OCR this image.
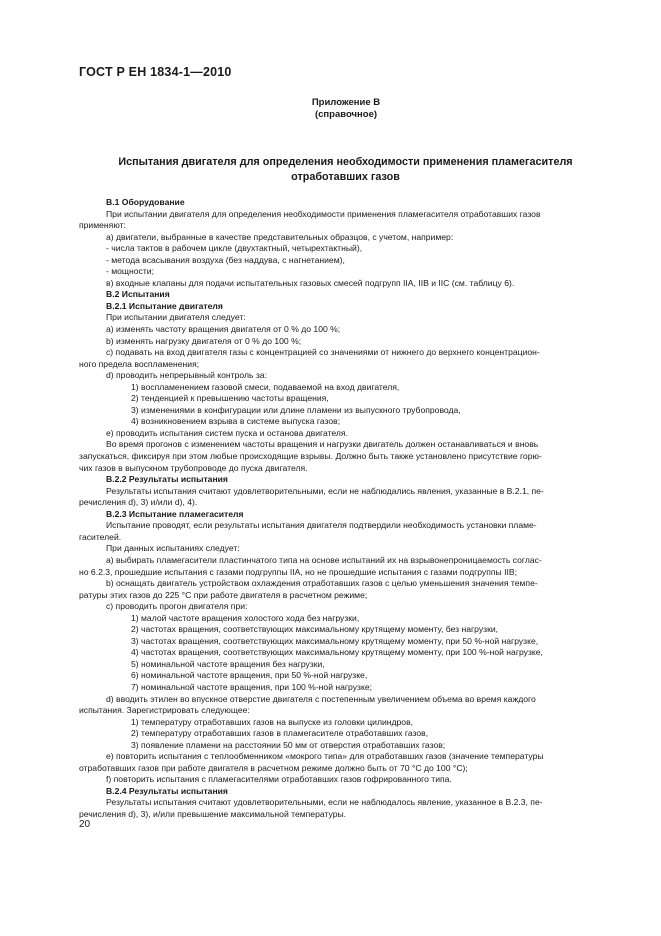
ГОСТ Р ЕН 1834-1—2010
Приложение В
(справочное)
Испытания двигателя для определения необходимости применения пламегасителя
отработавших газов
В.1 Оборудование
При испытании двигателя для определения необходимости применения пламегасителя отработавших газов
применяют:
а) двигатели, выбранные в качестве представительных образцов, с учетом, например:
- числа тактов в рабочем цикле (двухтактный, четырехтактный),
- метода всасывания воздуха (без наддува, с нагнетанием),
- мощности;
в) входные клапаны для подачи испытательных газовых смесей подгрупп IIА, IIВ и IIС (см. таблицу 6).
В.2 Испытания
В.2.1 Испытание двигателя
При испытании двигателя следует:
а) изменять частоту вращения двигателя от 0 % до 100 %;
b) изменять нагрузку двигателя от 0 % до 100 %;
с) подавать на вход двигателя газы с концентрацией со значениями от нижнего до верхнего концентрацион-
ного предела воспламенения;
d) проводить непрерывный контроль за:
1) воспламенением газовой смеси, подаваемой на вход двигателя,
2) тенденцией к превышению частоты вращения,
3) изменениями в конфигурации или длине пламени из выпускного трубопровода,
4) возникновением взрыва в системе выпуска газов;
е) проводить испытания систем пуска и останова двигателя.
Во время прогонов с изменением частоты вращения и нагрузки двигатель должен останавливаться и вновь
запускаться, фиксируя при этом любые происходящие взрывы. Должно быть также установлено присутствие горю-
чих газов в выпускном трубопроводе до пуска двигателя.
В.2.2 Результаты испытания
Результаты испытания считают удовлетворительными, если не наблюдались явления, указанные в В.2.1, пе-
речисления d), 3) и/или d), 4).
В.2.3 Испытание пламегасителя
Испытание проводят, если результаты испытания двигателя подтвердили необходимость установки пламе-
гасителей.
При данных испытаниях следует:
а) выбирать пламегасители пластинчатого типа на основе испытаний их на взрывонепроницаемость соглас-
но 6.2.3, прошедшие испытания с газами подгруппы IIА, но не прошедшие испытания с газами подгруппы IIВ;
b) оснащать двигатель устройством охлаждения отработавших газов с целью уменьшения значения темпе-
ратуры этих газов до 225 °С при работе двигателя в расчетном режиме;
с) проводить прогон двигателя при:
1) малой частоте вращения холостого хода без нагрузки,
2) частотах вращения, соответствующих максимальному крутящему моменту, без нагрузки,
3) частотах вращения, соответствующих максимальному крутящему моменту, при 50 %-ной нагрузке,
4) частотах вращения, соответствующих максимальному крутящему моменту, при 100 %-ной нагрузке,
5) номинальной частоте вращения без нагрузки,
6) номинальной частоте вращения, при 50 %-ной нагрузке,
7) номинальной частоте вращения, при 100 %-ной нагрузке;
d) вводить этилен во впускное отверстие двигателя с постепенным увеличением объема во время каждого
испытания. Зарегистрировать следующее:
1) температуру отработавших газов на выпуске из головки цилиндров,
2) температуру отработавших газов в пламегасителе отработавших газов,
3) появление пламени на расстоянии 50 мм от отверстия отработавших газов;
е) повторить испытания с теплообменником «мокрого типа» для отработавших газов (значение температуры
отработавших газов при работе двигателя в расчетном режиме должно быть от 70 °С до 100 °С);
f) повторить испытания с пламегасителями отработавших газов гофрированного типа.
В.2.4 Результаты испытания
Результаты испытания считают удовлетворительными, если не наблюдалось явление, указанное в В.2.3, пе-
речисления d), 3), и/или превышение максимальной температуры.
20
